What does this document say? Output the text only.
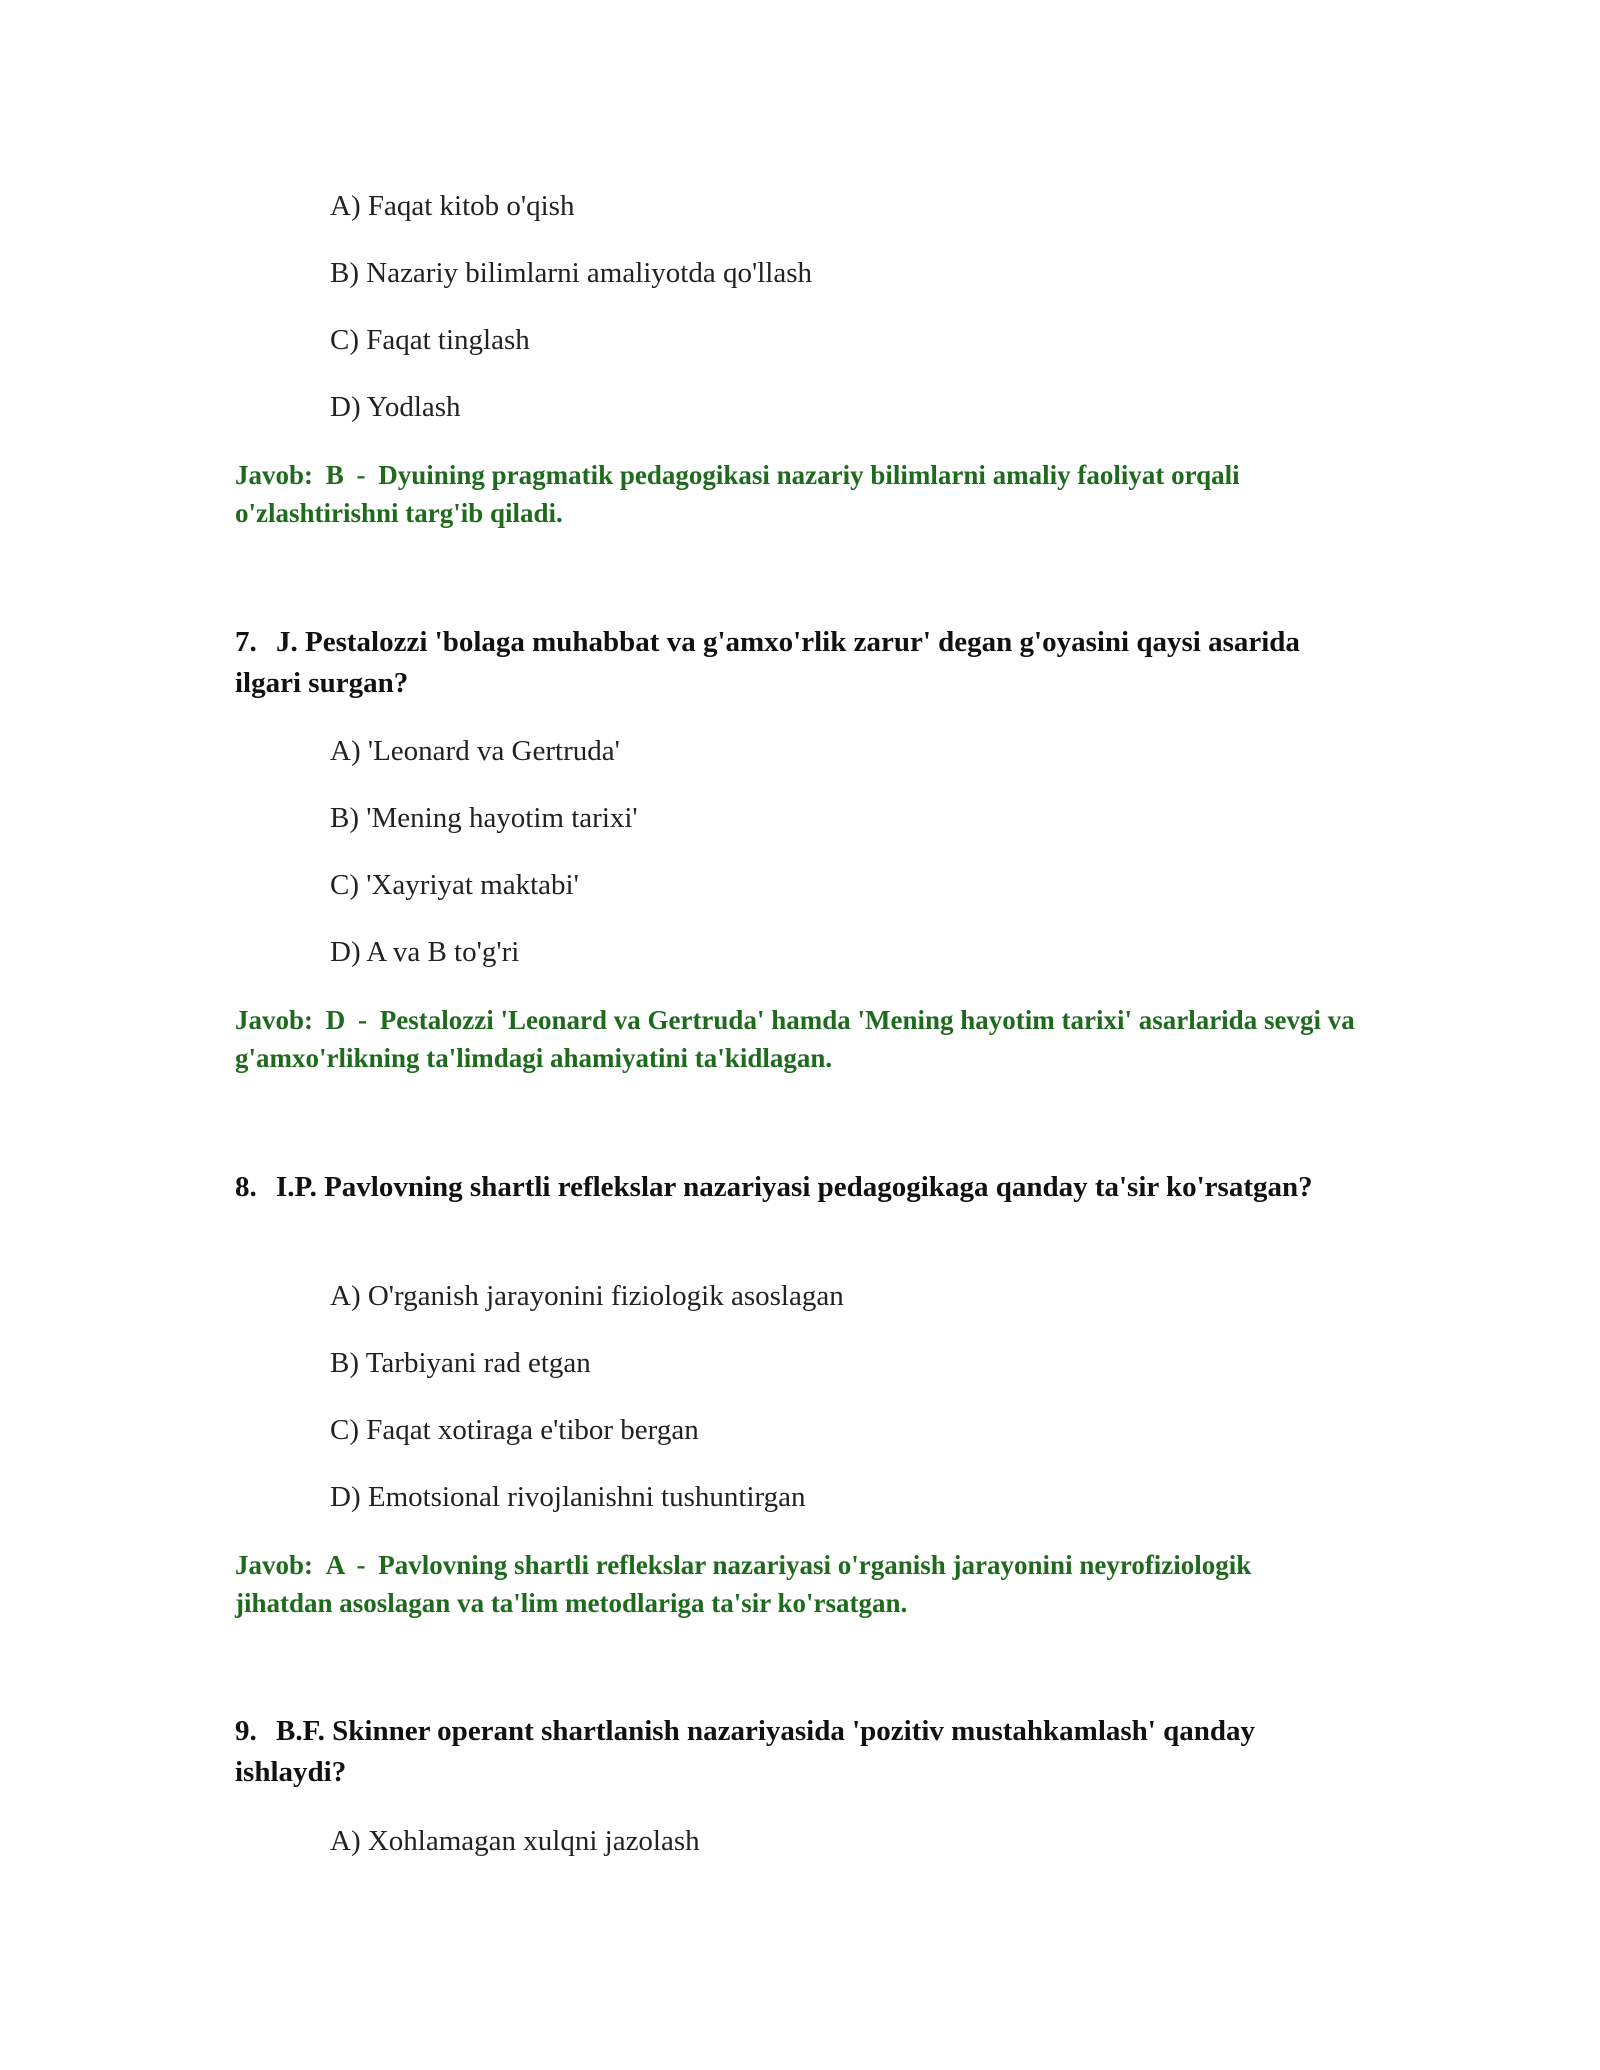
A) Faqat kitob o'qish
B) Nazariy bilimlarni amaliyotda qo'llash
C) Faqat tinglash
D) Yodlash
Javob: B - Dyuining pragmatik pedagogikasi nazariy bilimlarni amaliy faoliyat orqali o'zlashtirishni targ'ib qiladi.
7. J. Pestalozzi 'bolaga muhabbat va g'amxo'rlik zarur' degan g'oyasini qaysi asarida ilgari surgan?
A) 'Leonard va Gertruda'
B) 'Mening hayotim tarixi'
C) 'Xayriyat maktabi'
D) A va B to'g'ri
Javob: D - Pestalozzi 'Leonard va Gertruda' hamda 'Mening hayotim tarixi' asarlarida sevgi va g'amxo'rlikning ta'limdagi ahamiyatini ta'kidlagan.
8. I.P. Pavlovning shartli reflekslar nazariyasi pedagogikaga qanday ta'sir ko'rsatgan?
A) O'rganish jarayonini fiziologik asoslagan
B) Tarbiyani rad etgan
C) Faqat xotiraga e'tibor bergan
D) Emotsional rivojlanishni tushuntirgan
Javob: A - Pavlovning shartli reflekslar nazariyasi o'rganish jarayonini neyrofiziologik jihatdan asoslagan va ta'lim metodlariga ta'sir ko'rsatgan.
9. B.F. Skinner operant shartlanish nazariyasida 'pozitiv mustahkamlash' qanday ishlaydi?
A) Xohlamagan xulqni jazolash
